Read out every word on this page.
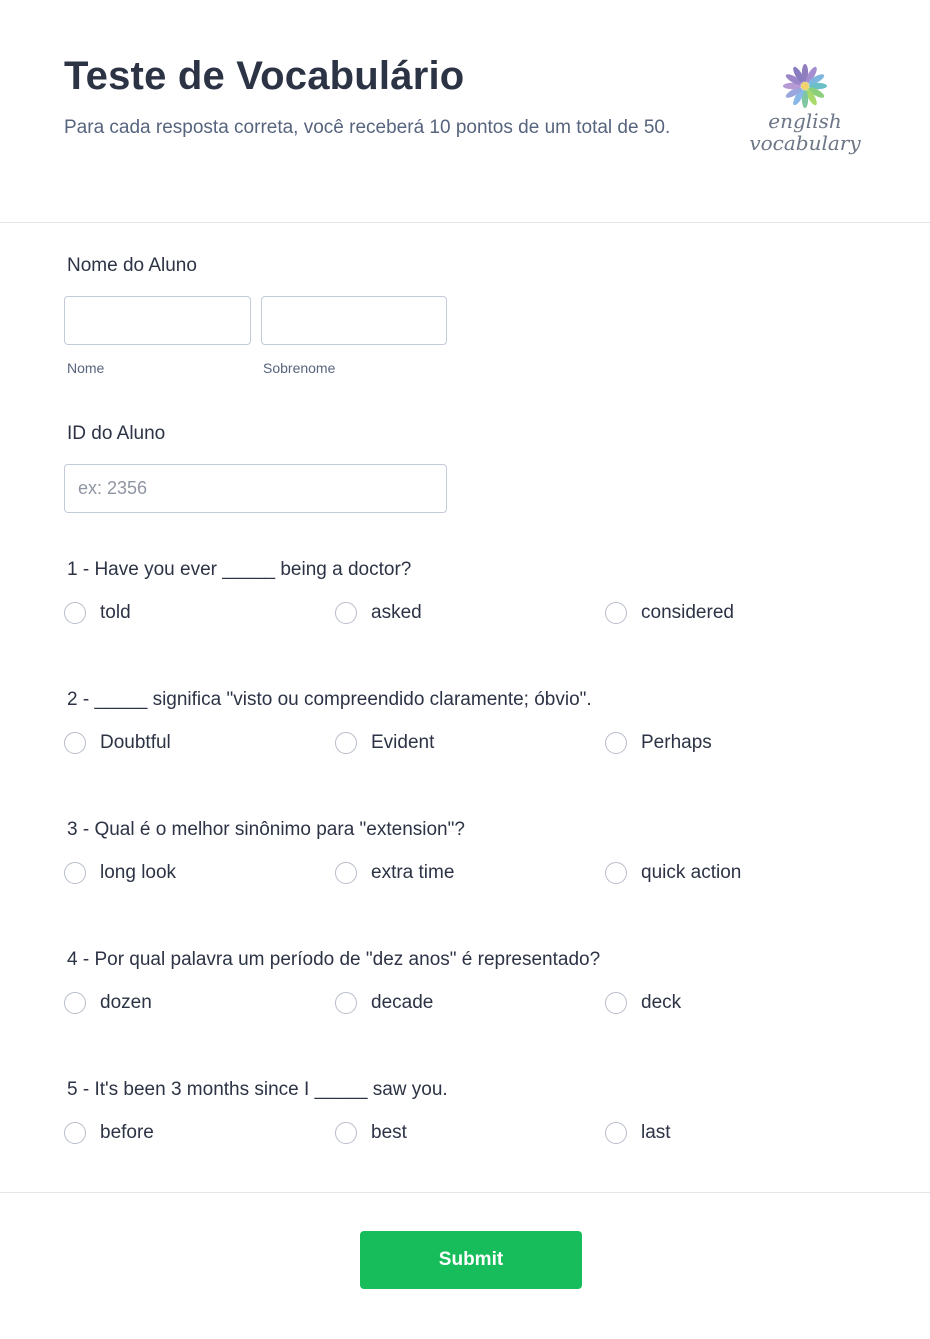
Teste de Vocabulário

Para cada resposta correta, você receberá 10 pontos de um total de 50.	english
vocabulary

Nome do Aluno

Nome	Sobrenome

ID do Aluno

ex: 2356

1 - Have you ever _____ being a doctor?

told	asked	considered

2 - _____ significa "visto ou compreendido claramente; óbvio".

Doubtful	Evident	Perhaps

3 - Qual é o melhor sinônimo para "extension"?

long look	extra time	quick action

4 - Por qual palavra um período de "dez anos" é representado?

dozen	decade	deck

5 - It's been 3 months since I _____ saw you.

before	best	last
Submit
